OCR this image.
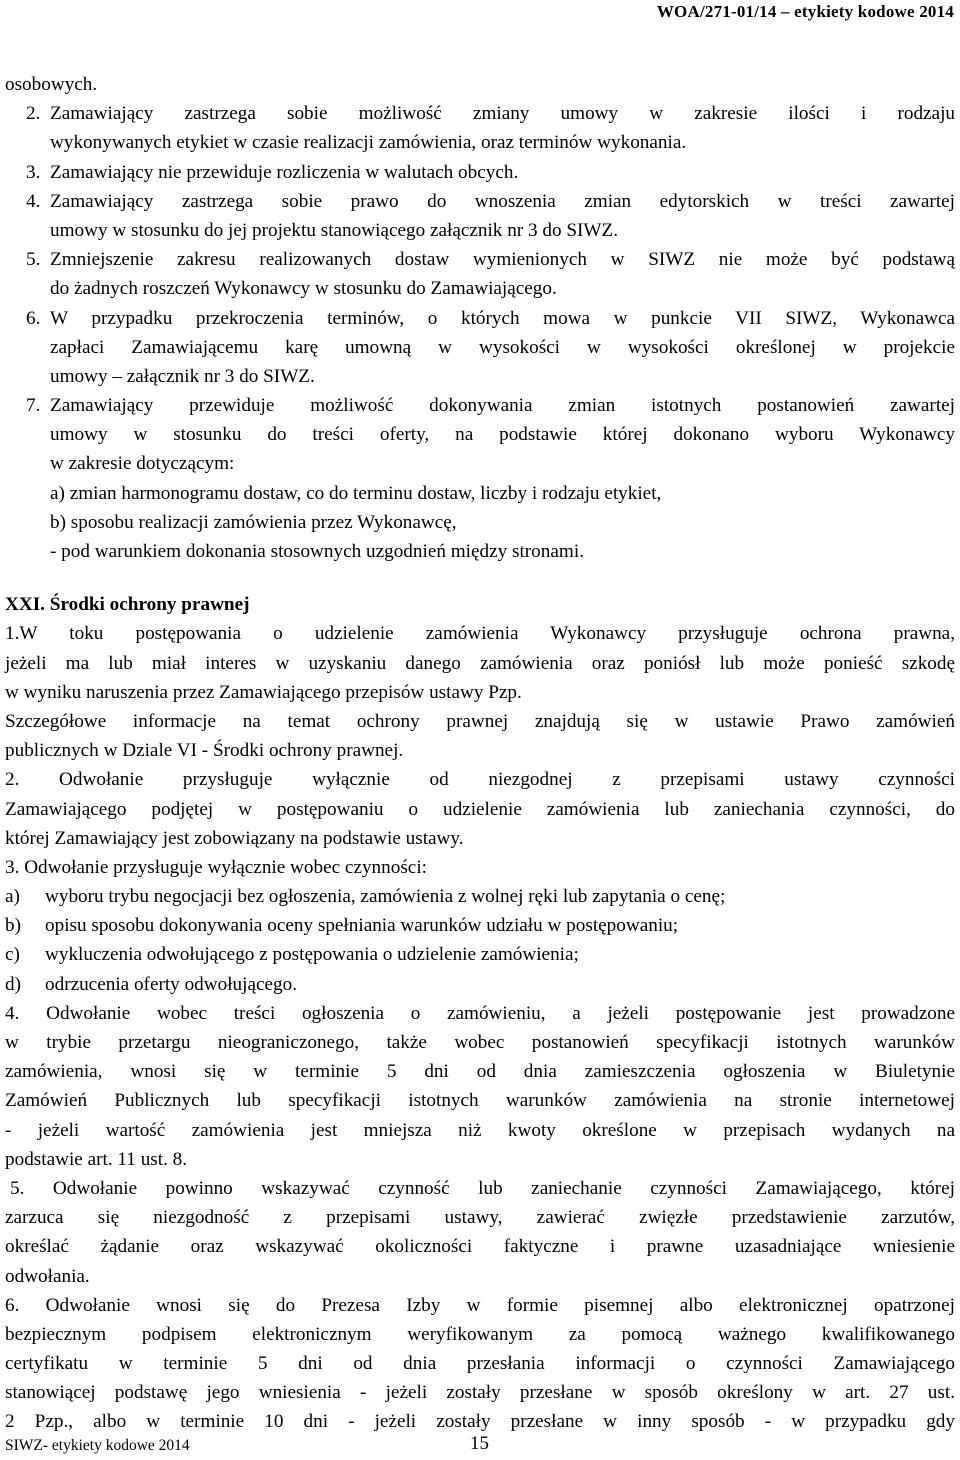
WOA/271-01/14 – etykiety kodowe 2014
osobowych.
2. Zamawiający zastrzega sobie możliwość zmiany umowy w zakresie ilości i rodzaju
wykonywanych etykiet w czasie realizacji zamówienia, oraz terminów wykonania.
3. Zamawiający nie przewiduje rozliczenia w walutach obcych.
4. Zamawiający zastrzega sobie prawo do wnoszenia zmian edytorskich w treści zawartej
umowy w stosunku do jej projektu stanowiącego załącznik nr 3 do SIWZ.
5. Zmniejszenie zakresu realizowanych dostaw wymienionych w SIWZ nie może być podstawą
do żadnych roszczeń Wykonawcy w stosunku do Zamawiającego.
6. W przypadku przekroczenia terminów, o których mowa w punkcie VII SIWZ, Wykonawca
zapłaci Zamawiającemu karę umowną w wysokości w wysokości określonej w projekcie
umowy – załącznik nr 3 do SIWZ.
7. Zamawiający przewiduje możliwość dokonywania zmian istotnych postanowień zawartej
umowy w stosunku do treści oferty, na podstawie której dokonano wyboru Wykonawcy
w zakresie dotyczącym:
a) zmian harmonogramu dostaw, co do terminu dostaw, liczby i rodzaju etykiet,
b) sposobu realizacji zamówienia przez Wykonawcę,
- pod warunkiem dokonania stosownych uzgodnień między stronami.
XXI. Środki ochrony prawnej
1.W toku postępowania o udzielenie zamówienia Wykonawcy przysługuje ochrona prawna,
jeżeli ma lub miał interes w uzyskaniu danego zamówienia oraz poniósł lub może ponieść szkodę
w wyniku naruszenia przez Zamawiającego przepisów ustawy Pzp.
Szczegółowe informacje na temat ochrony prawnej znajdują się w ustawie Prawo zamówień
publicznych w Dziale VI - Środki ochrony prawnej.
2. Odwołanie przysługuje wyłącznie od niezgodnej z przepisami ustawy czynności
Zamawiającego podjętej w postępowaniu o udzielenie zamówienia lub zaniechania czynności, do
której Zamawiający jest zobowiązany na podstawie ustawy.
3. Odwołanie przysługuje wyłącznie wobec czynności:
a) wyboru trybu negocjacji bez ogłoszenia, zamówienia z wolnej ręki lub zapytania o cenę;
b) opisu sposobu dokonywania oceny spełniania warunków udziału w postępowaniu;
c) wykluczenia odwołującego z postępowania o udzielenie zamówienia;
d) odrzucenia oferty odwołującego.
4. Odwołanie wobec treści ogłoszenia o zamówieniu, a jeżeli postępowanie jest prowadzone
w trybie przetargu nieograniczonego, także wobec postanowień specyfikacji istotnych warunków
zamówienia, wnosi się w terminie 5 dni od dnia zamieszczenia ogłoszenia w Biuletynie
Zamówień Publicznych lub specyfikacji istotnych warunków zamówienia na stronie internetowej
- jeżeli wartość zamówienia jest mniejsza niż kwoty określone w przepisach wydanych na
podstawie art. 11 ust. 8.
5. Odwołanie powinno wskazywać czynność lub zaniechanie czynności Zamawiającego, której
zarzuca się niezgodność z przepisami ustawy, zawierać zwięzłe przedstawienie zarzutów,
określać żądanie oraz wskazywać okoliczności faktyczne i prawne uzasadniające wniesienie
odwołania.
6. Odwołanie wnosi się do Prezesa Izby w formie pisemnej albo elektronicznej opatrzonej
bezpiecznym podpisem elektronicznym weryfikowanym za pomocą ważnego kwalifikowanego
certyfikatu w terminie 5 dni od dnia przesłania informacji o czynności Zamawiającego
stanowiącej podstawę jego wniesienia - jeżeli zostały przesłane w sposób określony w art. 27 ust.
2 Pzp., albo w terminie 10 dni - jeżeli zostały przesłane w inny sposób - w przypadku gdy
SIWZ- etykiety kodowe 2014	15
